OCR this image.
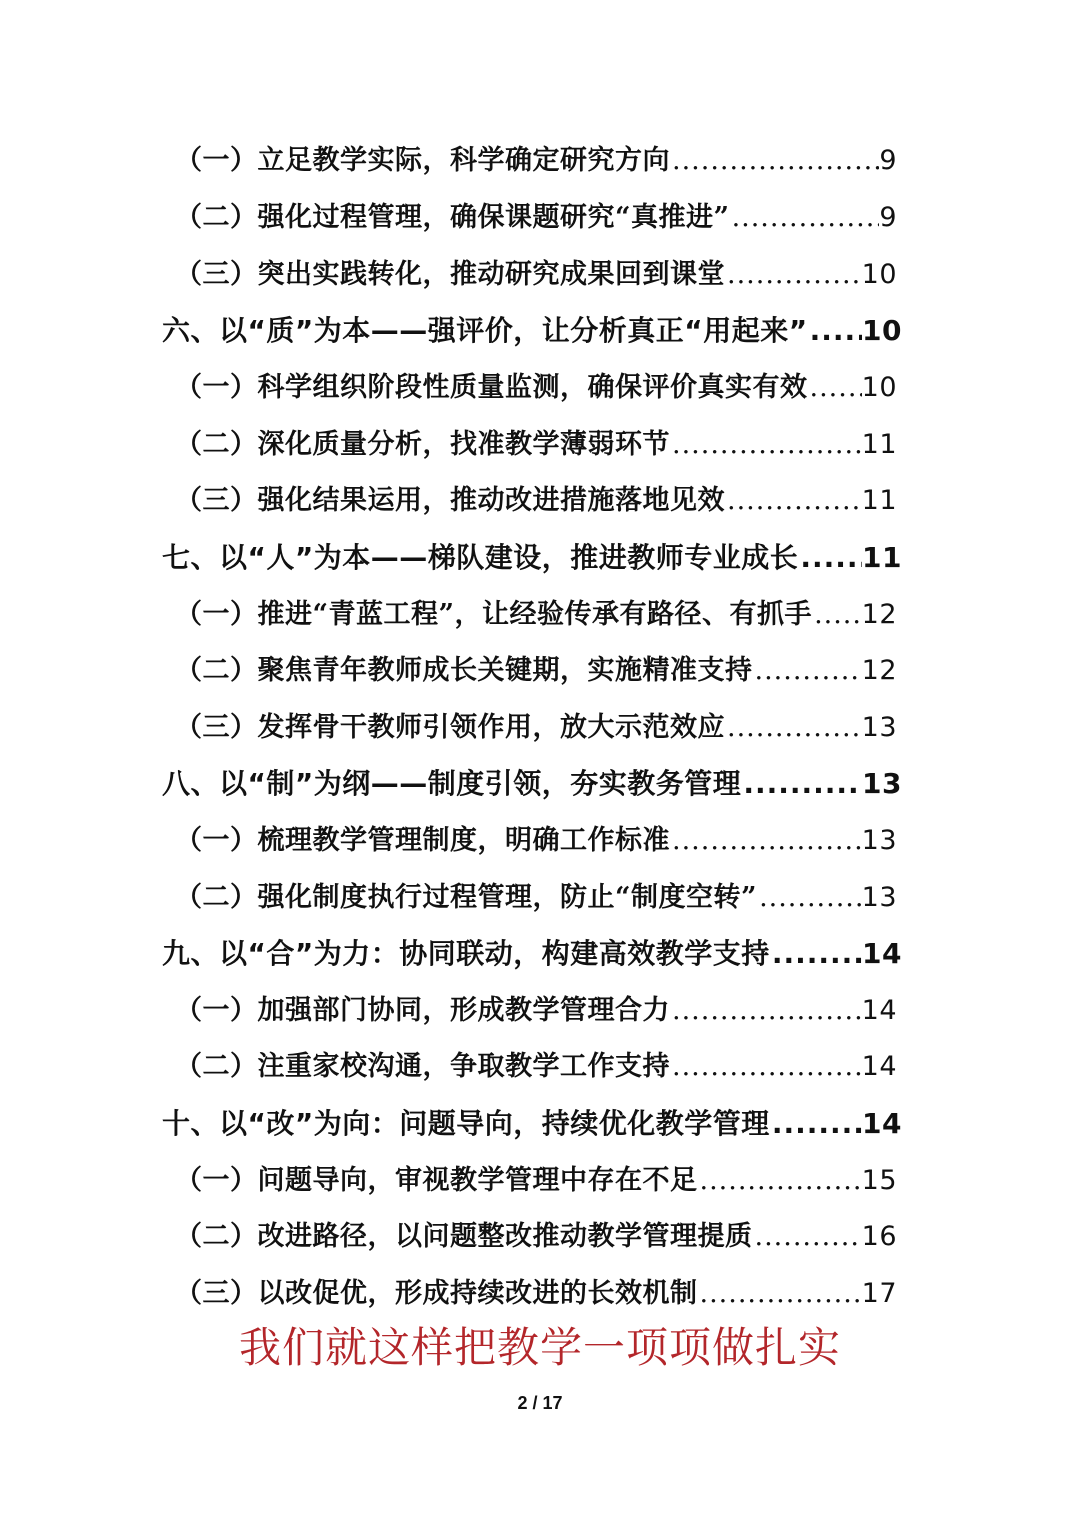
（一）立足教学实际，科学确定研究方向 .....	9
（二）强化过程管理，确保课题研究“真推进” .....	9
（三）突出实践转化，推动研究成果回到课堂 .....	10
六、以“质”为本——强评价，让分析真正“用起来” ..... 10
（一）科学组织阶段性质量监测，确保评价真实有效 ..... 10
（二）深化质量分析，找准教学薄弱环节 .....	11
（三）强化结果运用，推动改进措施落地见效 .....	11
七、以“人”为本——梯队建设，推进教师专业成长 ..... 11
（一）推进“青蓝工程”，让经验传承有路径、有抓手 ..... 12
（二）聚焦青年教师成长关键期，实施精准支持 .....	12
（三）发挥骨干教师引领作用，放大示范效应 .....	13
八、以“制”为纲——制度引领，夯实教务管理 .....	13
（一）梳理教学管理制度，明确工作标准 .....	13
（二）强化制度执行过程管理，防止“制度空转” .....	13
九、以“合”为力：协同联动，构建高效教学支持 .....	14
（一）加强部门协同，形成教学管理合力 .....	14
（二）注重家校沟通，争取教学工作支持 .....	14
十、以“改”为向：问题导向，持续优化教学管理 .....	14
（一）问题导向，审视教学管理中存在不足 .....	15
（二）改进路径，以问题整改推动教学管理提质 .....	16
（三）以改促优，形成持续改进的长效机制 .....	17
我们就这样把教学一项项做扎实
2 / 17
